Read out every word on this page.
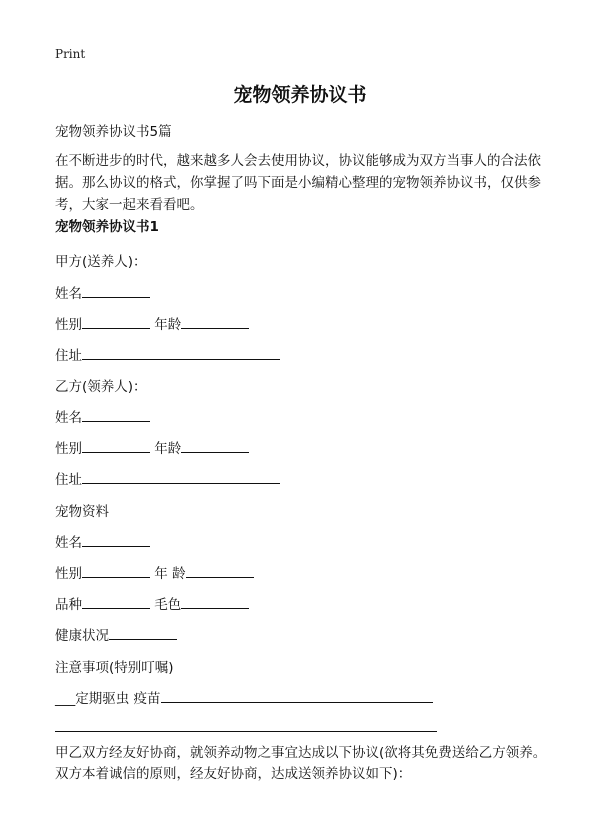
Print
宠物领养协议书
宠物领养协议书5篇
在不断进步的时代，越来越多人会去使用协议，协议能够成为双方当事人的合法依据。那么协议的格式，你掌握了吗下面是小编精心整理的宠物领养协议书，仅供参考，大家一起来看看吧。
宠物领养协议书1
甲方(送养人)：
姓名
性别	年龄
住址
乙方(领养人)：
姓名
性别	年龄
住址
宠物资料
姓名
性别	年 龄
品种	毛色
健康状况
注意事项(特别叮嘱)
___定期驱虫 疫苗
甲乙双方经友好协商，就领养动物之事宜达成以下协议(欲将其免费送给乙方领养。双方本着诚信的原则，经友好协商，达成送领养协议如下)：
